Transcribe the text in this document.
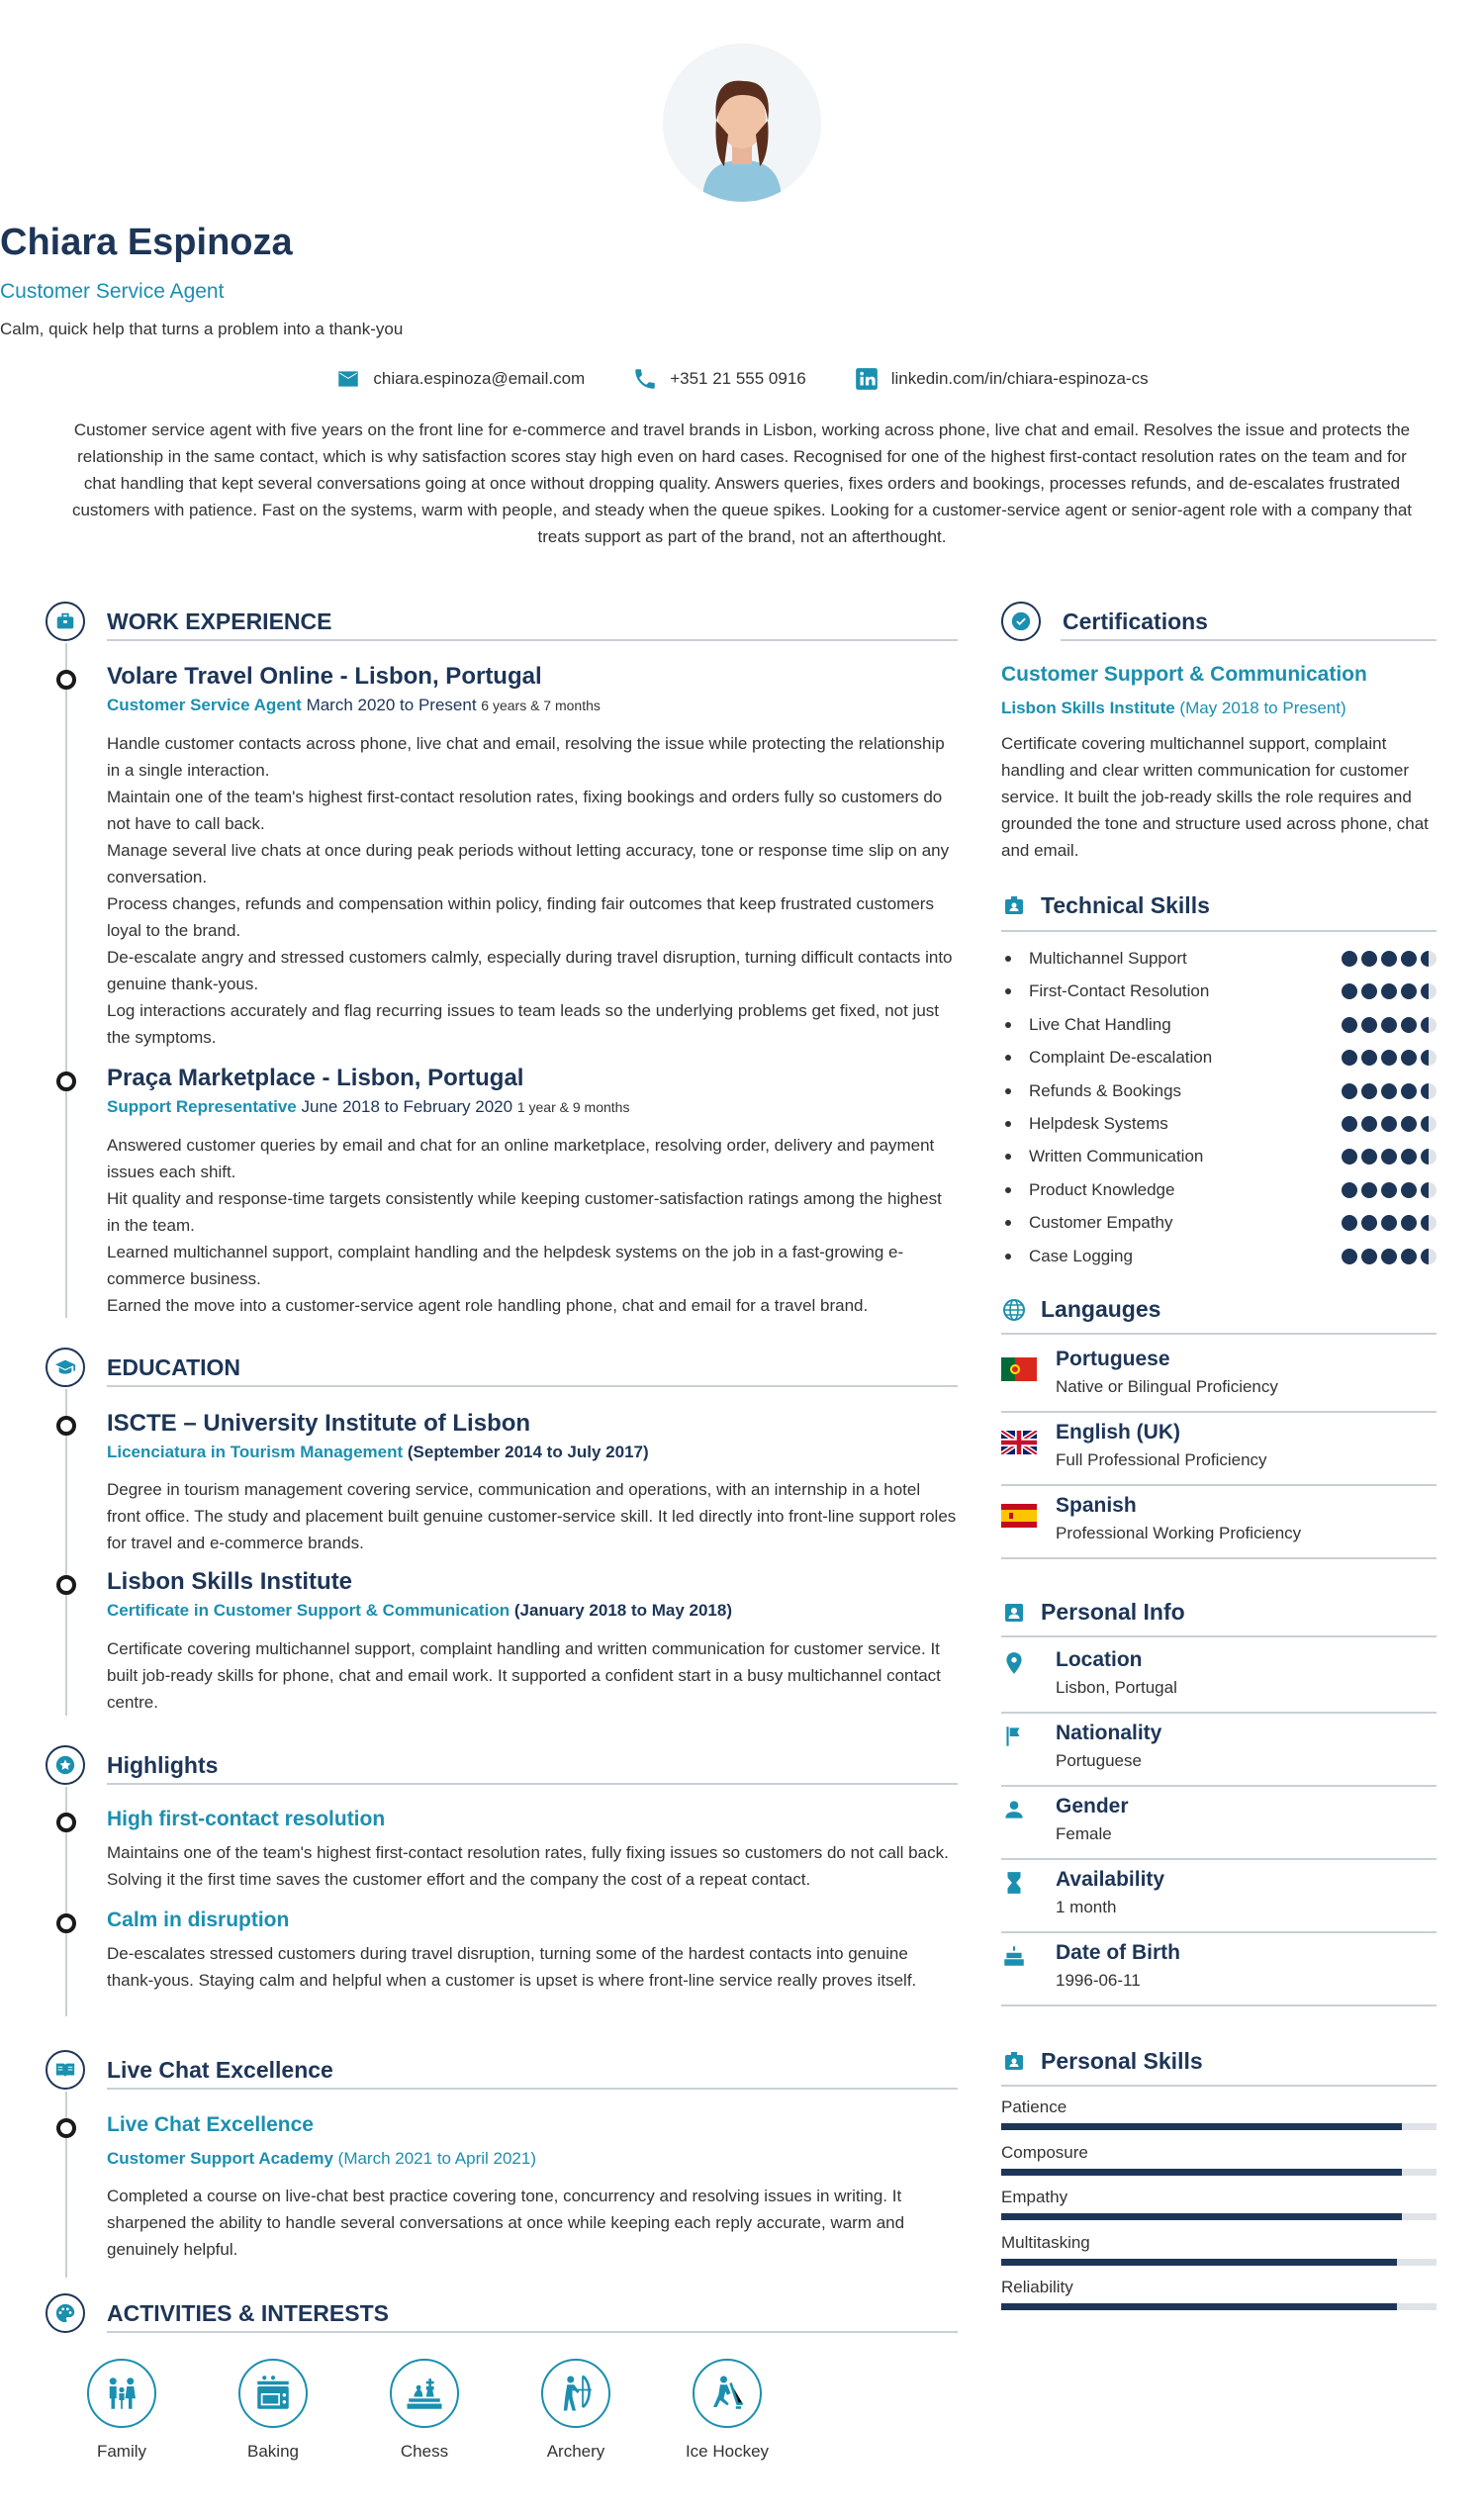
Chiara Espinoza
Customer Service Agent
Calm, quick help that turns a problem into a thank-you
chiara.espinoza@email.com	+351 21 555 0916	linkedin.com/in/chiara-espinoza-cs
Customer service agent with five years on the front line for e-commerce and travel brands in Lisbon, working across phone, live chat and email. Resolves the issue and protects the relationship in the same contact, which is why satisfaction scores stay high even on hard cases. Recognised for one of the highest first-contact resolution rates on the team and for chat handling that kept several conversations going at once without dropping quality. Answers queries, fixes orders and bookings, processes refunds, and de-escalates frustrated customers with patience. Fast on the systems, warm with people, and steady when the queue spikes. Looking for a customer-service agent or senior-agent role with a company that treats support as part of the brand, not an afterthought.
WORK EXPERIENCE
Volare Travel Online - Lisbon, Portugal
Customer Service Agent March 2020 to Present 6 years & 7 months

Handle customer contacts across phone, live chat and email, resolving the issue while protecting the relationship in a single interaction.

Maintain one of the team's highest first-contact resolution rates, fixing bookings and orders fully so customers do not have to call back.

Manage several live chats at once during peak periods without letting accuracy, tone or response time slip on any conversation.

Process changes, refunds and compensation within policy, finding fair outcomes that keep frustrated customers loyal to the brand.

De-escalate angry and stressed customers calmly, especially during travel disruption, turning difficult contacts into genuine thank-yous.

Log interactions accurately and flag recurring issues to team leads so the underlying problems get fixed, not just the symptoms.

Praça Marketplace - Lisbon, Portugal
Support Representative June 2018 to February 2020 1 year & 9 months

Answered customer queries by email and chat for an online marketplace, resolving order, delivery and payment issues each shift.

Hit quality and response-time targets consistently while keeping customer-satisfaction ratings among the highest in the team.

Learned multichannel support, complaint handling and the helpdesk systems on the job in a fast-growing e-commerce business.

Earned the move into a customer-service agent role handling phone, chat and email for a travel brand.

EDUCATION
ISCTE – University Institute of Lisbon
Licenciatura in Tourism Management (September 2014 to July 2017)
Degree in tourism management covering service, communication and operations, with an internship in a hotel front office. The study and placement built genuine customer-service skill. It led directly into front-line support roles for travel and e-commerce brands.
Lisbon Skills Institute
Certificate in Customer Support & Communication (January 2018 to May 2018)
Certificate covering multichannel support, complaint handling and written communication for customer service. It built job-ready skills for phone, chat and email work. It supported a confident start in a busy multichannel contact centre.
Highlights
High first-contact resolution
Maintains one of the team's highest first-contact resolution rates, fully fixing issues so customers do not call back. Solving it the first time saves the customer effort and the company the cost of a repeat contact.
Calm in disruption
De-escalates stressed customers during travel disruption, turning some of the hardest contacts into genuine thank-yous. Staying calm and helpful when a customer is upset is where front-line service really proves itself.
Live Chat Excellence
Live Chat Excellence
Customer Support Academy (March 2021 to April 2021)
Completed a course on live-chat best practice covering tone, concurrency and resolving issues in writing. It sharpened the ability to handle several conversations at once while keeping each reply accurate, warm and genuinely helpful.
ACTIVITIES & INTERESTS
Family	Baking	Chess	Archery	Ice Hockey
Certifications
Customer Support & Communication
Lisbon Skills Institute (May 2018 to Present)
Certificate covering multichannel support, complaint handling and clear written communication for customer service. It built the job-ready skills the role requires and grounded the tone and structure used across phone, chat and email.
Technical Skills
Multichannel Support
First-Contact Resolution
Live Chat Handling
Complaint De-escalation
Refunds & Bookings
Helpdesk Systems
Written Communication
Product Knowledge
Customer Empathy
Case Logging
Langauges
Portuguese
Native or Bilingual Proficiency
English (UK)
Full Professional Proficiency
Spanish
Professional Working Proficiency
Personal Info
Location
Lisbon, Portugal
Nationality
Portuguese
Gender
Female
Availability
1 month
Date of Birth
1996-06-11
Personal Skills
Patience
Composure
Empathy
Multitasking
Reliability
